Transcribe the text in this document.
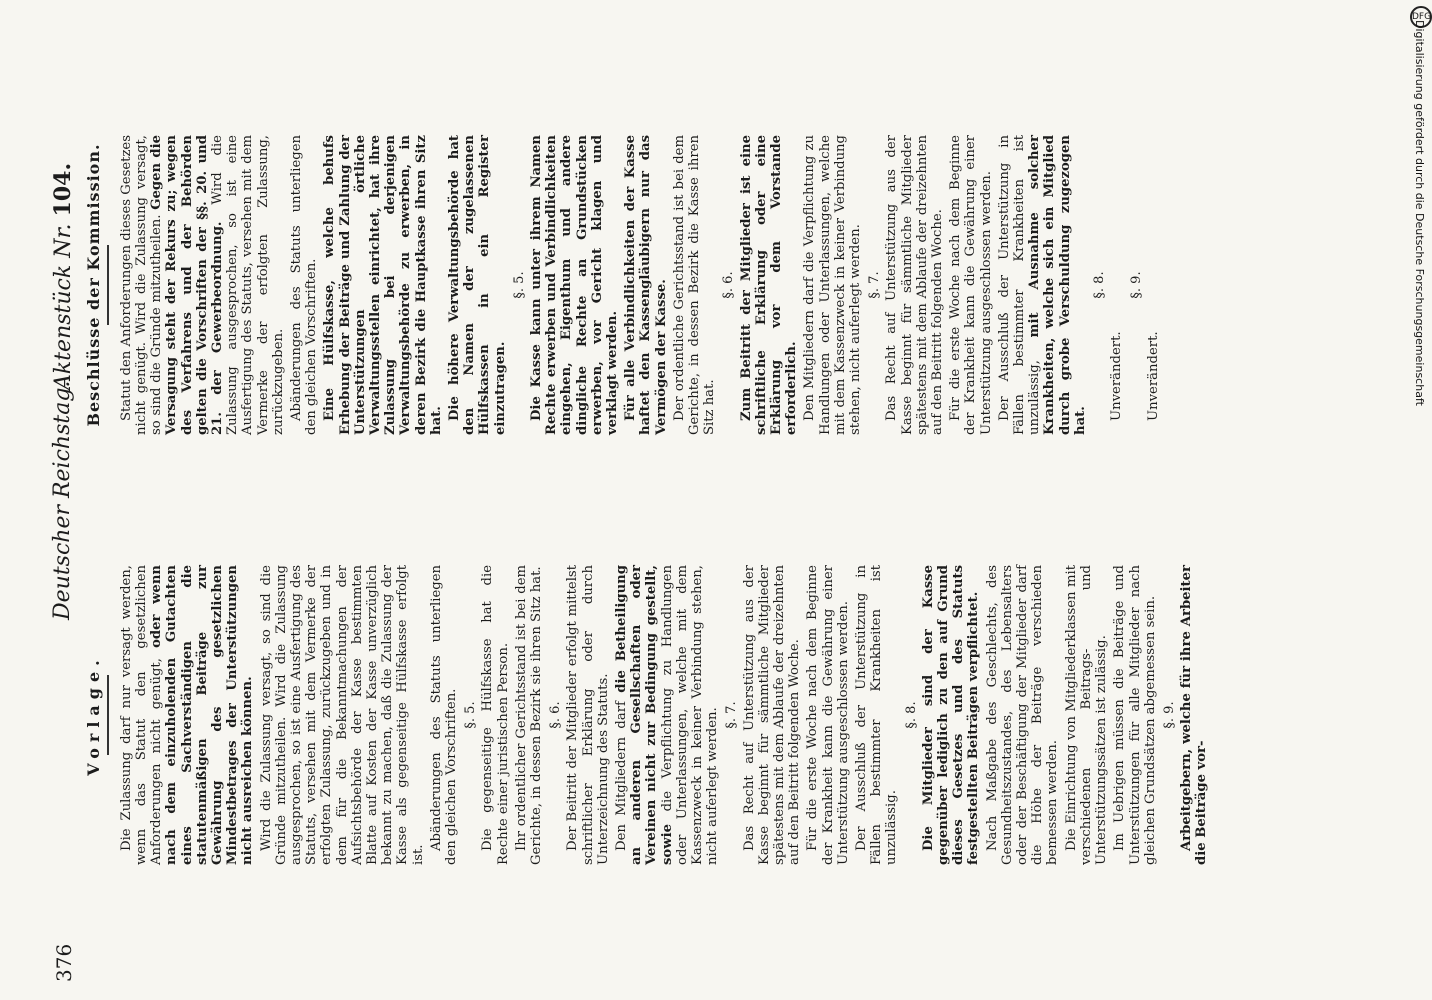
376
Deutscher Reichstag.
Aktenstück Nr. 104.
Vorlage. Die Zulassung darf nur versagt werden, wenn das Statut den gesetzlichen Anforderungen nicht genügt, oder wenn nach dem einzuholenden Gutachten eines Sachverständigen die statutenmäßigen Beiträge zur Gewährung des gesetzlichen Mindestbetrages der Unterstützungen nicht ausreichen können. Wird die Zulassung versagt, so sind die Gründe mitzutheilen. Wird die Zulassung ausgesprochen, so ist eine Ausfertigung des Statuts, versehen mit dem Vermerke der erfolgten Zulassung, zurückzugeben und in dem für die Bekanntmachungen der Aufsichtsbehörde der Kasse bestimmten Blatte auf Kosten der Kasse unverzüglich bekannt zu machen, daß die Zulassung der Kasse als gegenseitige Hülfskasse erfolgt ist.

Abänderungen des Statuts unterliegen den gleichen Vorschriften. §. 5. Die gegenseitige Hülfskasse hat die Rechte einer juristischen Person. Ihr ordentlicher Gerichtsstand ist bei dem Gerichte, in dessen Bezirk sie ihren Sitz hat. §. 6. Der Beitritt der Mitglieder erfolgt mittelst schriftlicher Erklärung oder durch Unterzeichnung des Statuts. Den Mitgliedern darf die Betheiligung an anderen Gesellschaften oder Vereinen nicht zur Bedingung gestellt, sowie die Verpflichtung zu Handlungen oder Unterlassungen, welche mit dem Kassenzweck in keiner Verbindung stehen, nicht auferlegt werden. §. 7. Das Recht auf Unterstützung aus der Kasse beginnt für sämmtliche Mitglieder spätestens mit dem Ablaufe der dreizehnten auf den Beitritt folgenden Woche. Für die erste Woche nach dem Beginne der Krankheit kann die Gewährung einer Unterstützung ausgeschlossen werden. Der Ausschluß der Unterstützung in Fällen bestimmter Krankheiten ist unzulässig.

§. 8. Die Mitglieder sind der Kasse gegenüber lediglich zu den auf Grund dieses Gesetzes und des Statuts festgestellten Beiträgen verpflichtet. Nach Maßgabe des Geschlechts, des Gesundheitszustandes, des Lebensalters oder der Beschäftigung der Mitglieder darf die Höhe der Beiträge verschieden bemessen werden. Die Einrichtung von Mitgliederklassen mit verschiedenen Beitrags- und Unterstützungssätzen ist zulässig. Im Uebrigen müssen die Beiträge und Unterstützungen für alle Mitglieder nach gleichen Grundsätzen abgemessen sein. §. 9. Arbeitgebern, welche für ihre Arbeiter die Beiträge vor-

Beschlüsse der Kommission. Statut den Anforderungen dieses Gesetzes nicht genügt. Wird die Zulassung versagt, so sind die Gründe mitzutheilen. Gegen die Versagung steht der Rekurs zu; wegen des Verfahrens und der Behörden gelten die Vorschriften der §§. 20. und 21. der Gewerbeordnung. Wird die Zulassung ausgesprochen, so ist eine Ausfertigung des Statuts, versehen mit dem Vermerke der erfolgten Zulassung, zurückzugeben. Abänderungen des Statuts unterliegen den gleichen Vorschriften. Eine Hülfskasse, welche behufs Erhebung der Beiträge und Zahlung der Unterstützungen örtliche Verwaltungsstellen einrichtet, hat ihre Zulassung bei derjenigen Verwaltungsbehörde zu erwerben, in deren Bezirk die Hauptkasse ihren Sitz hat. Die höhere Verwaltungsbehörde hat den Namen der zugelassenen Hülfskassen in ein Register einzutragen.

§. 5. Die Kasse kann unter ihrem Namen Rechte erwerben und Verbindlichkeiten eingehen, Eigenthum und andere dingliche Rechte an Grundstücken erwerben, vor Gericht klagen und verklagt werden. Für alle Verbindlichkeiten der Kasse haftet den Kassengläubigern nur das Vermögen der Kasse. Der ordentliche Gerichtsstand ist bei dem Gerichte, in dessen Bezirk die Kasse ihren Sitz hat.

§. 6. Zum Beitritt der Mitglieder ist eine schriftliche Erklärung oder eine Erklärung vor dem Vorstande erforderlich. Den Mitgliedern darf die Verpflichtung zu Handlungen oder Unterlassungen, welche mit dem Kassenzweck in keiner Verbindung stehen, nicht auferlegt werden. §. 7. Das Recht auf Unterstützung aus der Kasse beginnt für sämmtliche Mitglieder spätestens mit dem Ablaufe der dreizehnten auf den Beitritt folgenden Woche. Für die erste Woche nach dem Beginne der Krankheit kann die Gewährung einer Unterstützung ausgeschlossen werden. Der Ausschluß der Unterstützung in Fällen bestimmter Krankheiten ist unzulässig, mit Ausnahme solcher Krankheiten, welche sich ein Mitglied durch grobe Verschuldung zugezogen hat.

§. 8.

Unverändert.

§. 9.

Unverändert.

DFG
Digitalisierung gefördert durch die Deutsche Forschungsgemeinschaft
